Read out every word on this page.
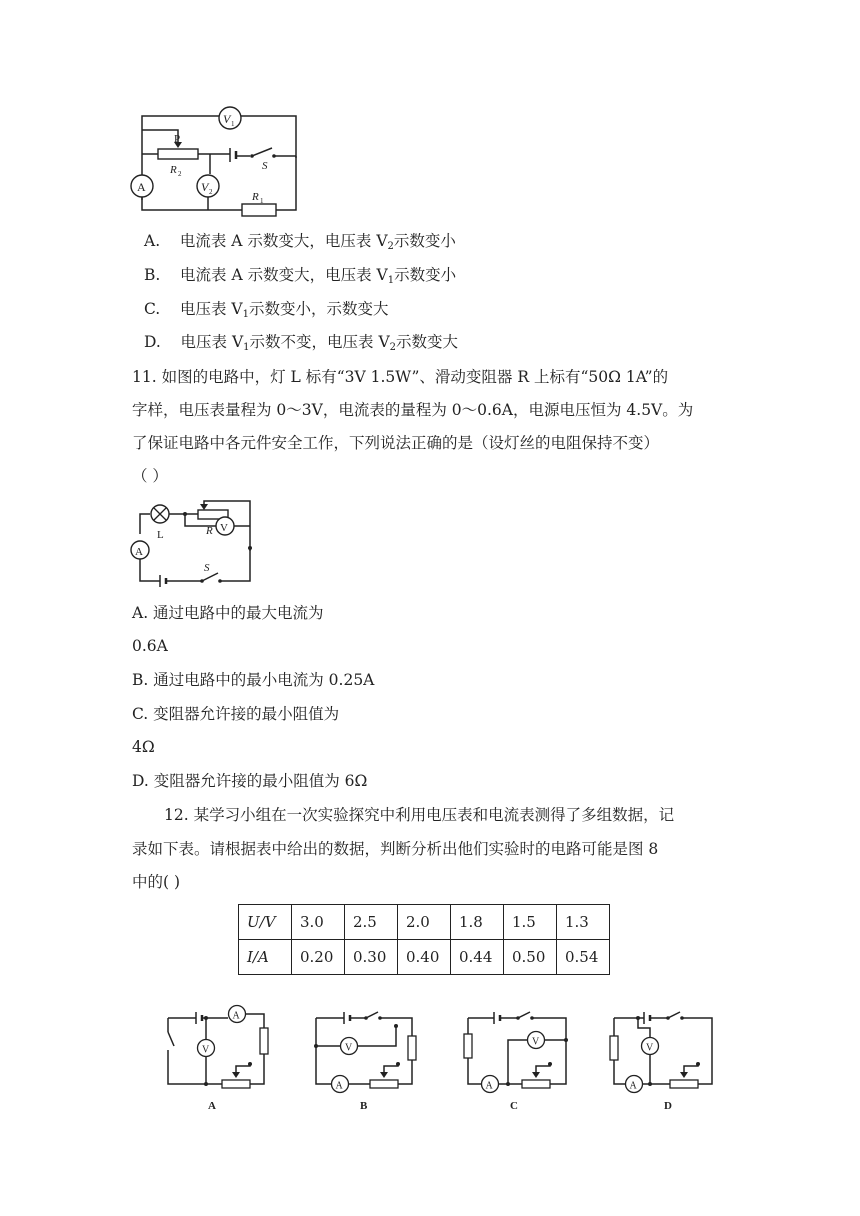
V 1
P
R 2
S
V 2
A
R 1
A. 电流表 A 示数变大，电压表 $V_2$示数变小
B. 电流表 A 示数变大，电压表 $V_1$示数变小
C. 电压表 $V_1$示数变小，示数变大
D. 电压表 $V_1$示数不变，电压表 $V_2$示数变大
11. 如图的电路中，灯 L 标有“3V 1.5W”、滑动变阻器 R 上标有“50Ω 1A”的
字样，电压表量程为 0～3V，电流表的量程为 0～0.6A，电源电压恒为 4.5V。为
了保证电路中各元件安全工作，下列说法正确的是（设灯丝的电阻保持不变）
（ ）
L	R V
A
S
A. 通过电路中的最大电流为
0.6A
B. 通过电路中的最小电流为 0.25A
C. 变阻器允许接的最小阻值为
4Ω
D. 变阻器允许接的最小阻值为 6Ω
12. 某学习小组在一次实验探究中利用电压表和电流表测得了多组数据，记
录如下表。请根据表中给出的数据，判断分析出他们实验时的电路可能是图 8
中的( )
U/V	3.0	2.5	2.0	1.8	1.5	1.3
I/A	0.20	0.30	0.40	0.44	0.50	0.54
A
V
A
V
A
B
V
A
C
V
A
D
